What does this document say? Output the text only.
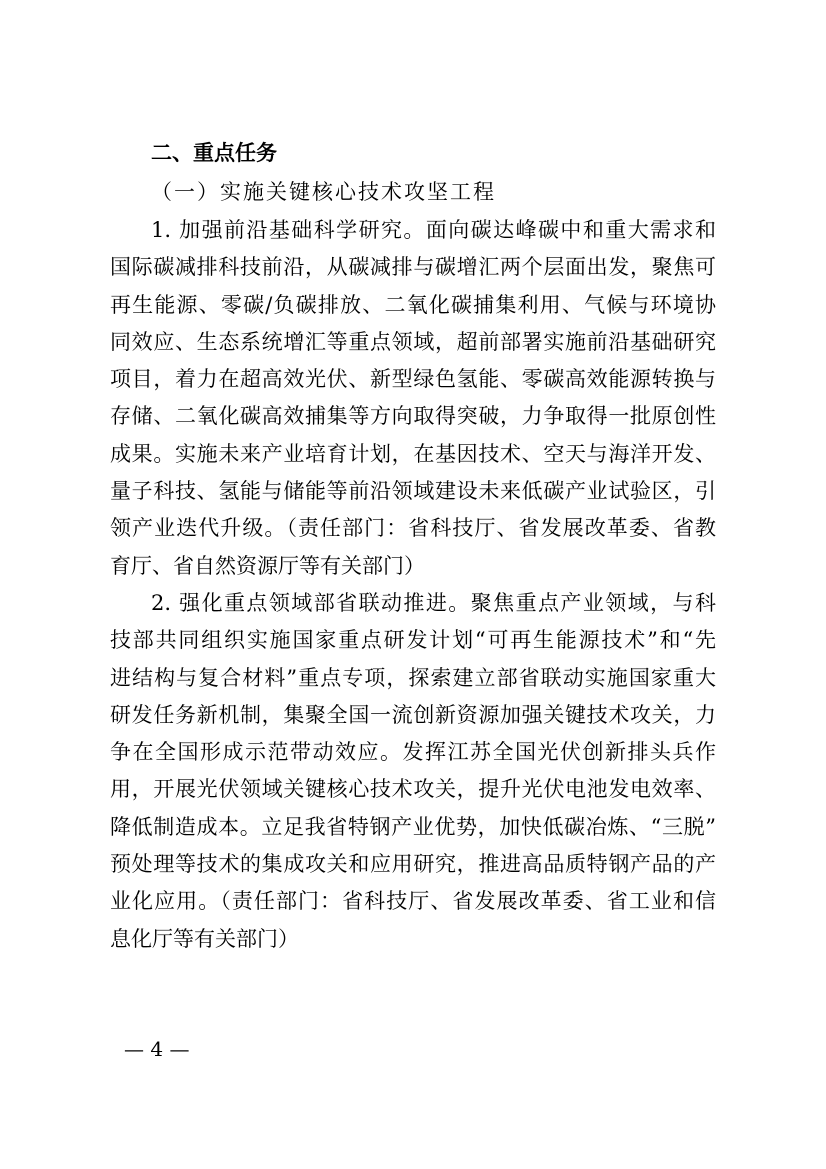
二、重点任务
（一）实施关键核心技术攻坚工程
1. 加强前沿基础科学研究。面向碳达峰碳中和重大需求和
国际碳减排科技前沿，从碳减排与碳增汇两个层面出发，聚焦可
再生能源、零碳/负碳排放、二氧化碳捕集利用、气候与环境协
同效应、生态系统增汇等重点领域，超前部署实施前沿基础研究
项目，着力在超高效光伏、新型绿色氢能、零碳高效能源转换与
存储、二氧化碳高效捕集等方向取得突破，力争取得一批原创性
成果。实施未来产业培育计划，在基因技术、空天与海洋开发、
量子科技、氢能与储能等前沿领域建设未来低碳产业试验区，引
领产业迭代升级。（责任部门：省科技厅、省发展改革委、省教
育厅、省自然资源厅等有关部门）
2. 强化重点领域部省联动推进。聚焦重点产业领域，与科
技部共同组织实施国家重点研发计划“可再生能源技术”和“先
进结构与复合材料”重点专项，探索建立部省联动实施国家重大
研发任务新机制，集聚全国一流创新资源加强关键技术攻关，力
争在全国形成示范带动效应。发挥江苏全国光伏创新排头兵作
用，开展光伏领域关键核心技术攻关，提升光伏电池发电效率、
降低制造成本。立足我省特钢产业优势，加快低碳冶炼、“三脱”
预处理等技术的集成攻关和应用研究，推进高品质特钢产品的产
业化应用。（责任部门：省科技厅、省发展改革委、省工业和信
息化厅等有关部门）
— 4 —
